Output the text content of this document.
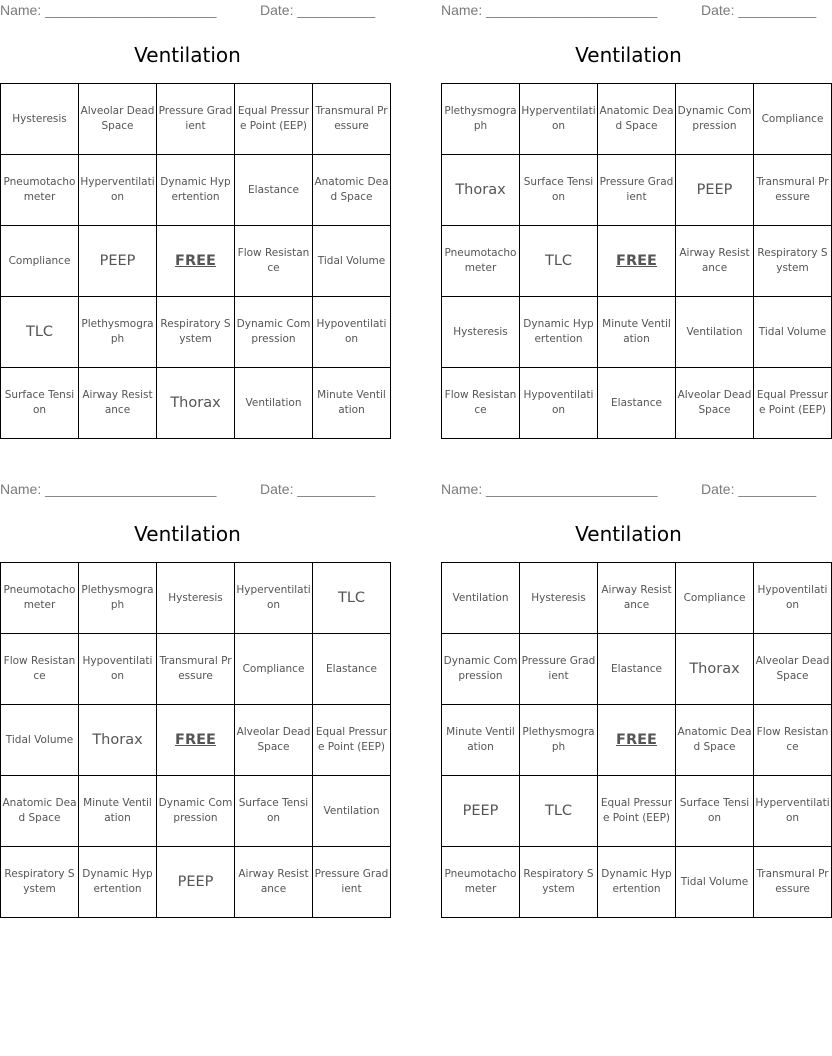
Name: ______________________	Date: __________
Ventilation
Hysteresis	Alveolar Dead Space	Pressure Gradient	Equal Pressure Point (EEP)	Transmural Pressure
Pneumotachometer	Hyperventilation	Dynamic Hypertention	Elastance	Anatomic Dead Space
Compliance	PEEP	FREE	Flow Resistance	Tidal Volume
TLC	Plethysmograph	Respiratory System	Dynamic Compression	Hypoventilation
Surface Tension	Airway Resistance	Thorax	Ventilation	Minute Ventilation
Name: ______________________	Date: __________
Ventilation
Plethysmograph	Hyperventilation	Anatomic Dead Space	Dynamic Compression	Compliance
Thorax	Surface Tension	Pressure Gradient	PEEP	Transmural Pressure
Pneumotachometer	TLC	FREE	Airway Resistance	Respiratory System
Hysteresis	Dynamic Hypertention	Minute Ventilation	Ventilation	Tidal Volume
Flow Resistance	Hypoventilation	Elastance	Alveolar Dead Space	Equal Pressure Point (EEP)
Name: ______________________	Date: __________
Ventilation
Pneumotachometer	Plethysmograph	Hysteresis	Hyperventilation	TLC
Flow Resistance	Hypoventilation	Transmural Pressure	Compliance	Elastance
Tidal Volume	Thorax	FREE	Alveolar Dead Space	Equal Pressure Point (EEP)
Anatomic Dead Space	Minute Ventilation	Dynamic Compression	Surface Tension	Ventilation
Respiratory System	Dynamic Hypertention	PEEP	Airway Resistance	Pressure Gradient
Name: ______________________	Date: __________
Ventilation
Ventilation	Hysteresis	Airway Resistance	Compliance	Hypoventilation
Dynamic Compression	Pressure Gradient	Elastance	Thorax	Alveolar Dead Space
Minute Ventilation	Plethysmograph	FREE	Anatomic Dead Space	Flow Resistance
PEEP	TLC	Equal Pressure Point (EEP)	Surface Tension	Hyperventilation
Pneumotachometer	Respiratory System	Dynamic Hypertention	Tidal Volume	Transmural Pressure
